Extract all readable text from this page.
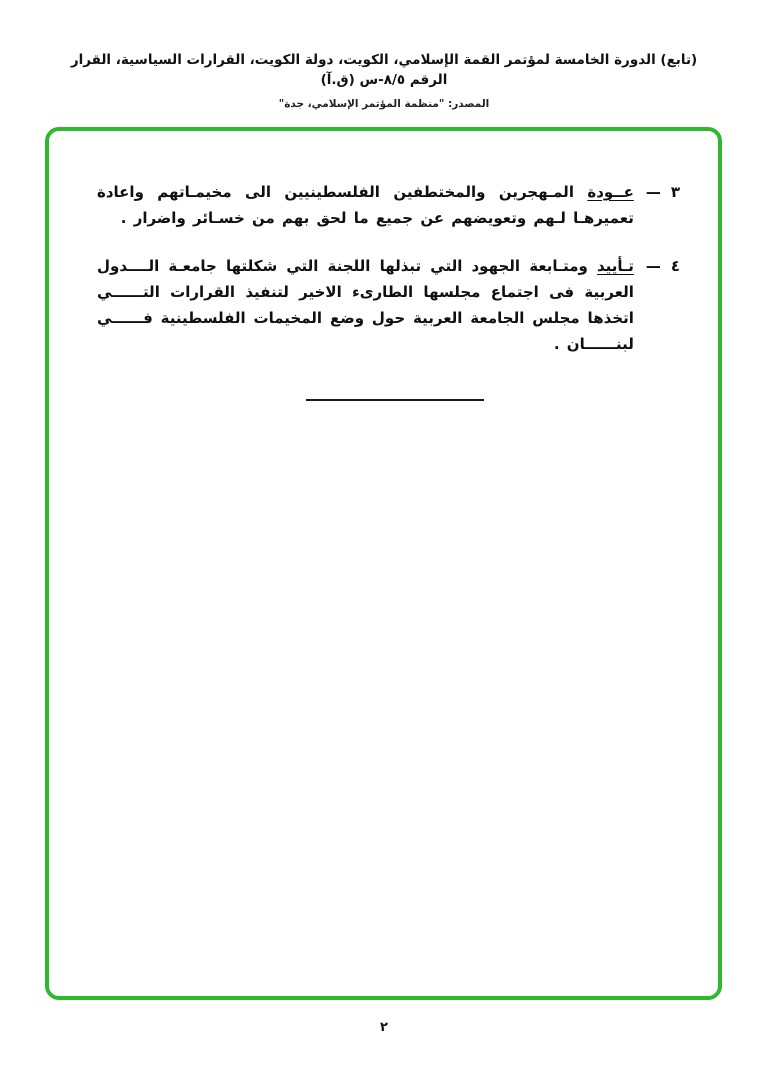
(تابع) الدورة الخامسة لمؤتمر القمة الإسلامي، الكويت، دولة الكويت، القرارات السياسية، القرار الرقم ٨/٥-س (ق.آ)
المصدر: "منظمة المؤتمر الإسلامي، جدة"
٣
—
عــودة المـهجرين والمختطفين الفلسطينيين الى مخيمـاتهم واعادة تعميرهـا لـهم وتعويضهم عن جميع ما لحق بهم من خسـائر واضرار .
٤
—
تـأييد ومتـابعة الجهود التي تبذلها اللجنة التي شكلتها جامعـة الــــدول العربية فى اجتماع مجلسها الطارىء الاخير لتنفيذ القرارات التــــــي اتخذها مجلس الجامعة العربية حول وضع المخيمات الفلسطينية فــــــي لبنــــــان .
٢
